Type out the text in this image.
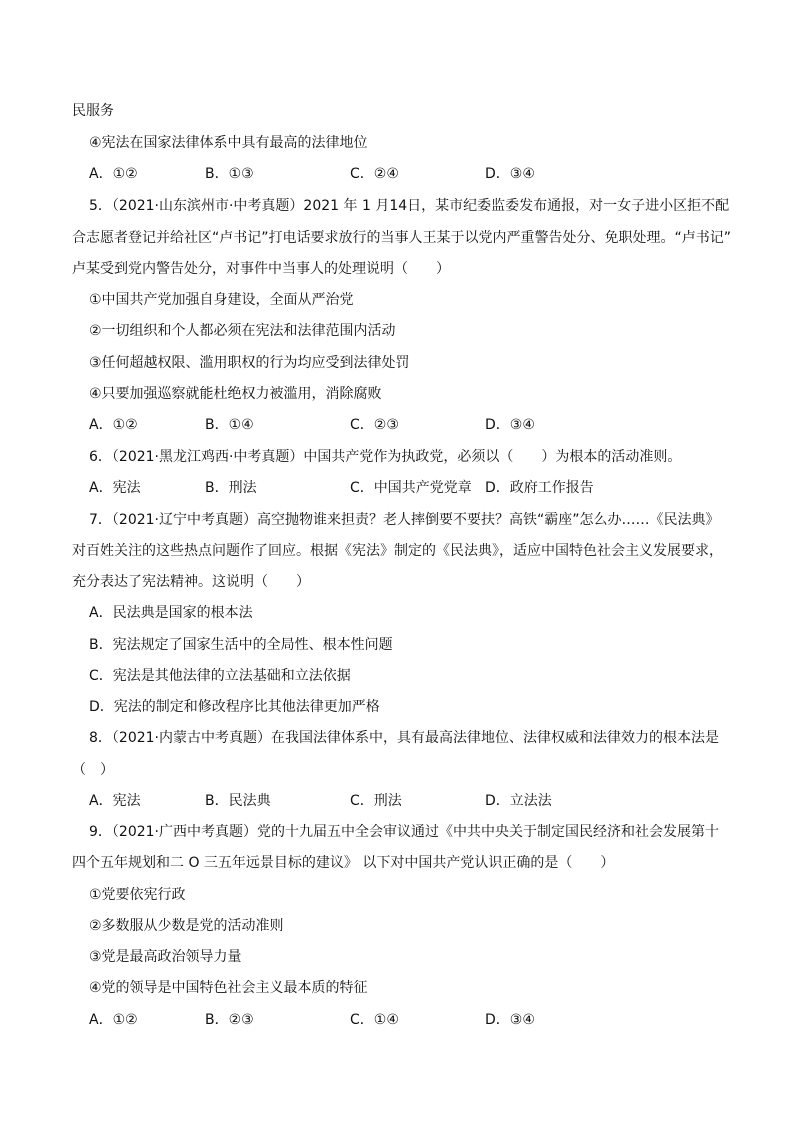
民服务
④宪法在国家法律体系中具有最高的法律地位
A．①②	B．①③	C．②④	D．③④
5．（2021·山东滨州市·中考真题）2021 年 1 月14日，某市纪委监委发布通报，对一女子进小区拒不配
合志愿者登记并给社区“卢书记”打电话要求放行的当事人王某于以党内严重警告处分、免职处理。“卢书记”
卢某受到党内警告处分，对事件中当事人的处理说明（　　）
①中国共产党加强自身建设，全面从严治党
②一切组织和个人都必须在宪法和法律范围内活动
③任何超越权限、滥用职权的行为均应受到法律处罚
④只要加强巡察就能杜绝权力被滥用，消除腐败
A．①②	B．①④	C．②③	D．③④
6．（2021·黑龙江鸡西·中考真题）中国共产党作为执政党，必须以（　　）为根本的活动准则。
A．宪法	B．刑法	C．中国共产党党章 D．政府工作报告
7．（2021·辽宁中考真题）高空抛物谁来担责？老人摔倒要不要扶？高铁“霸座”怎么办……《民法典》
对百姓关注的这些热点问题作了回应。根据《宪法》制定的《民法典》，适应中国特色社会主义发展要求，
充分表达了宪法精神。这说明（　　）
A．民法典是国家的根本法
B．宪法规定了国家生活中的全局性、根本性问题
C．宪法是其他法律的立法基础和立法依据
D．宪法的制定和修改程序比其他法律更加严格
8．（2021·内蒙古中考真题）在我国法律体系中，具有最高法律地位、法律权威和法律效力的根本法是
（　）
A．宪法	B．民法典	C．刑法	D．立法法
9．（2021·广西中考真题）党的十九届五中全会审议通过《中共中央关于制定国民经济和社会发展第十
四个五年规划和二 O 三五年远景目标的建议》 以下对中国共产党认识正确的是（　　）
①党要依宪行政
②多数服从少数是党的活动准则
③党是最高政治领导力量
④党的领导是中国特色社会主义最本质的特征
A．①②	B．②③	C．①④	D．③④
